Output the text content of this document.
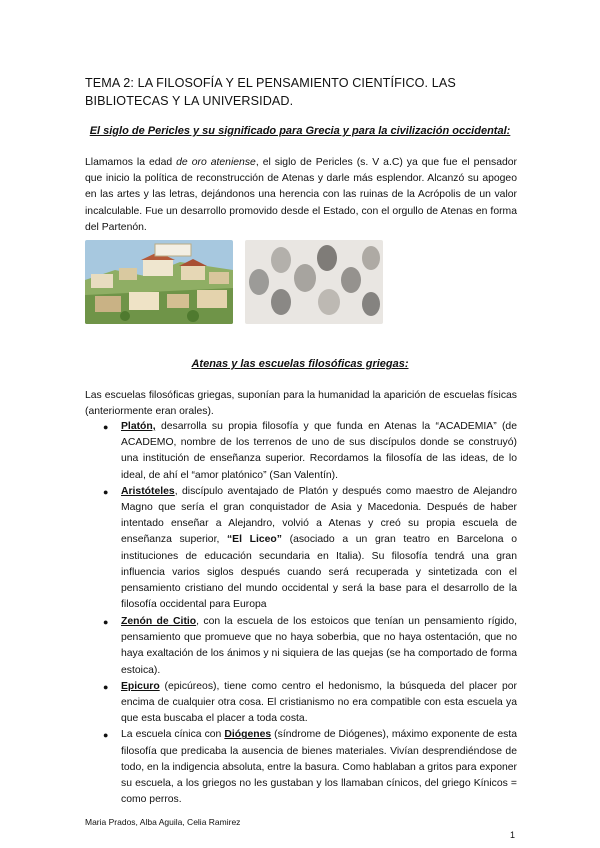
TEMA 2: LA FILOSOFÍA Y EL PENSAMIENTO CIENTÍFICO. LAS BIBLIOTECAS Y LA UNIVERSIDAD.
El siglo de Pericles y su significado para Grecia y para la civilización occidental:
Llamamos la edad de oro ateniense, el siglo de Pericles (s. V a.C) ya que fue el pensador que inicio la política de reconstrucción de Atenas y darle más esplendor. Alcanzó su apogeo en las artes y las letras, dejándonos una herencia con las ruinas de la Acrópolis de un valor incalculable. Fue un desarrollo promovido desde el Estado, con el orgullo de Atenas en forma del Partenón.
Atenas y las escuelas filosóficas griegas:
Las escuelas filosóficas griegas, suponían para la humanidad la aparición de escuelas físicas (anteriormente eran orales).
● Platón, desarrolla su propia filosofía y que funda en Atenas la “ACADEMIA” (de ACADEMO, nombre de los terrenos de uno de sus discípulos donde se construyó) una institución de enseñanza superior. Recordamos la filosofía de las ideas, de lo ideal, de ahí el “amor platónico” (San Valentín).
● Aristóteles, discípulo aventajado de Platón y después como maestro de Alejandro Magno que sería el gran conquistador de Asia y Macedonia. Después de haber intentado enseñar a Alejandro, volvió a Atenas y creó su propia escuela de enseñanza superior, “El Liceo” (asociado a un gran teatro en Barcelona o instituciones de educación secundaria en Italia). Su filosofía tendrá una gran influencia varios siglos después cuando será recuperada y sintetizada con el pensamiento cristiano del mundo occidental y será la base para el desarrollo de la filosofía occidental para Europa
● Zenón de Citio, con la escuela de los estoicos que tenían un pensamiento rígido, pensamiento que promueve que no haya soberbia, que no haya ostentación, que no haya exaltación de los ánimos y ni siquiera de las quejas (se ha comportado de forma estoica).
● Epicuro (epicúreos), tiene como centro el hedonismo, la búsqueda del placer por encima de cualquier otra cosa. El cristianismo no era compatible con esta escuela ya que esta buscaba el placer a toda costa.
● La escuela cínica con Diógenes (síndrome de Diógenes), máximo exponente de esta filosofía que predicaba la ausencia de bienes materiales. Vivían desprendiéndose de todo, en la indigencia absoluta, entre la basura. Como hablaban a gritos para exponer su escuela, a los griegos no les gustaban y los llamaban cínicos, del griego Kínicos = como perros.
Maria Prados, Alba Aguila, Celia Ramirez
1
